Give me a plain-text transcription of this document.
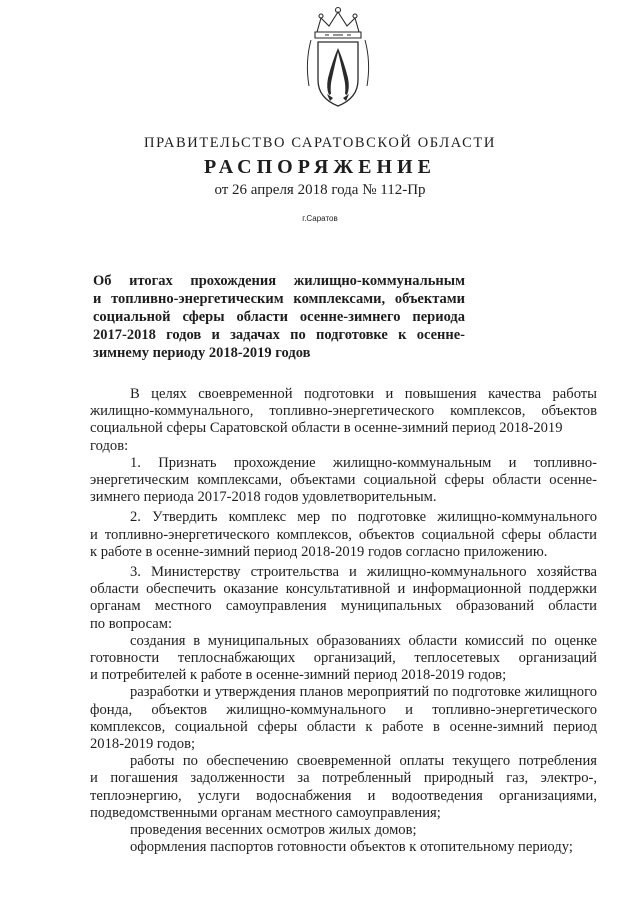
ПРАВИТЕЛЬСТВО САРАТОВСКОЙ ОБЛАСТИ
РАСПОРЯЖЕНИЕ
от 26 апреля 2018 года № 112-Пр
г.Саратов
Об итогах прохождения жилищно-коммунальным
и топливно-энергетическим комплексами, объектами
социальной сферы области осенне-зимнего периода
2017-2018 годов и задачах по подготовке к осенне-
зимнему периоду 2018-2019 годов
В целях своевременной подготовки и повышения качества работы
жилищно-коммунального, топливно-энергетического комплексов, объектов
социальной сферы Саратовской области в осенне-зимний период 2018-2019 годов:
1. Признать прохождение жилищно-коммунальным и топливно-
энергетическим комплексами, объектами социальной сферы области осенне-
зимнего периода 2017-2018 годов удовлетворительным.
2. Утвердить комплекс мер по подготовке жилищно-коммунального
и топливно-энергетического комплексов, объектов социальной сферы области
к работе в осенне-зимний период 2018-2019 годов согласно приложению.
3. Министерству строительства и жилищно-коммунального хозяйства
области обеспечить оказание консультативной и информационной поддержки
органам местного самоуправления муниципальных образований области
по вопросам:
создания в муниципальных образованиях области комиссий по оценке
готовности теплоснабжающих организаций, теплосетевых организаций
и потребителей к работе в осенне-зимний период 2018-2019 годов;
разработки и утверждения планов мероприятий по подготовке жилищного
фонда, объектов жилищно-коммунального и топливно-энергетического
комплексов, социальной сферы области к работе в осенне-зимний период
2018-2019 годов;
работы по обеспечению своевременной оплаты текущего потребления
и погашения задолженности за потребленный природный газ, электро-,
теплоэнергию, услуги водоснабжения и водоотведения организациями,
подведомственными органам местного самоуправления;
проведения весенних осмотров жилых домов;
оформления паспортов готовности объектов к отопительному периоду;
